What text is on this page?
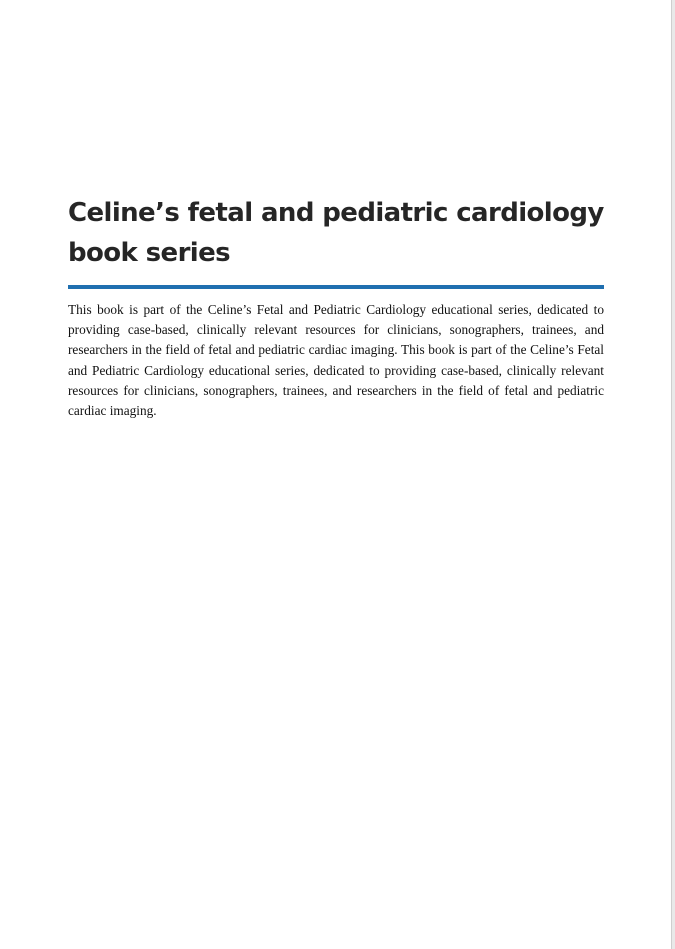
Celine’s fetal and pediatric cardiology book series

This book is part of the Celine’s Fetal and Pediatric Cardiology educational series, dedicated to providing case-based, clinically relevant resources for clinicians, sonographers, trainees, and researchers in the field of fetal and pediatric cardiac imaging. This book is part of the Celine’s Fetal and Pediatric Cardiology educational series, dedicated to providing case-based, clinically relevant resources for clinicians, sonographers, trainees, and researchers in the field of fetal and pediatric cardiac imaging.
